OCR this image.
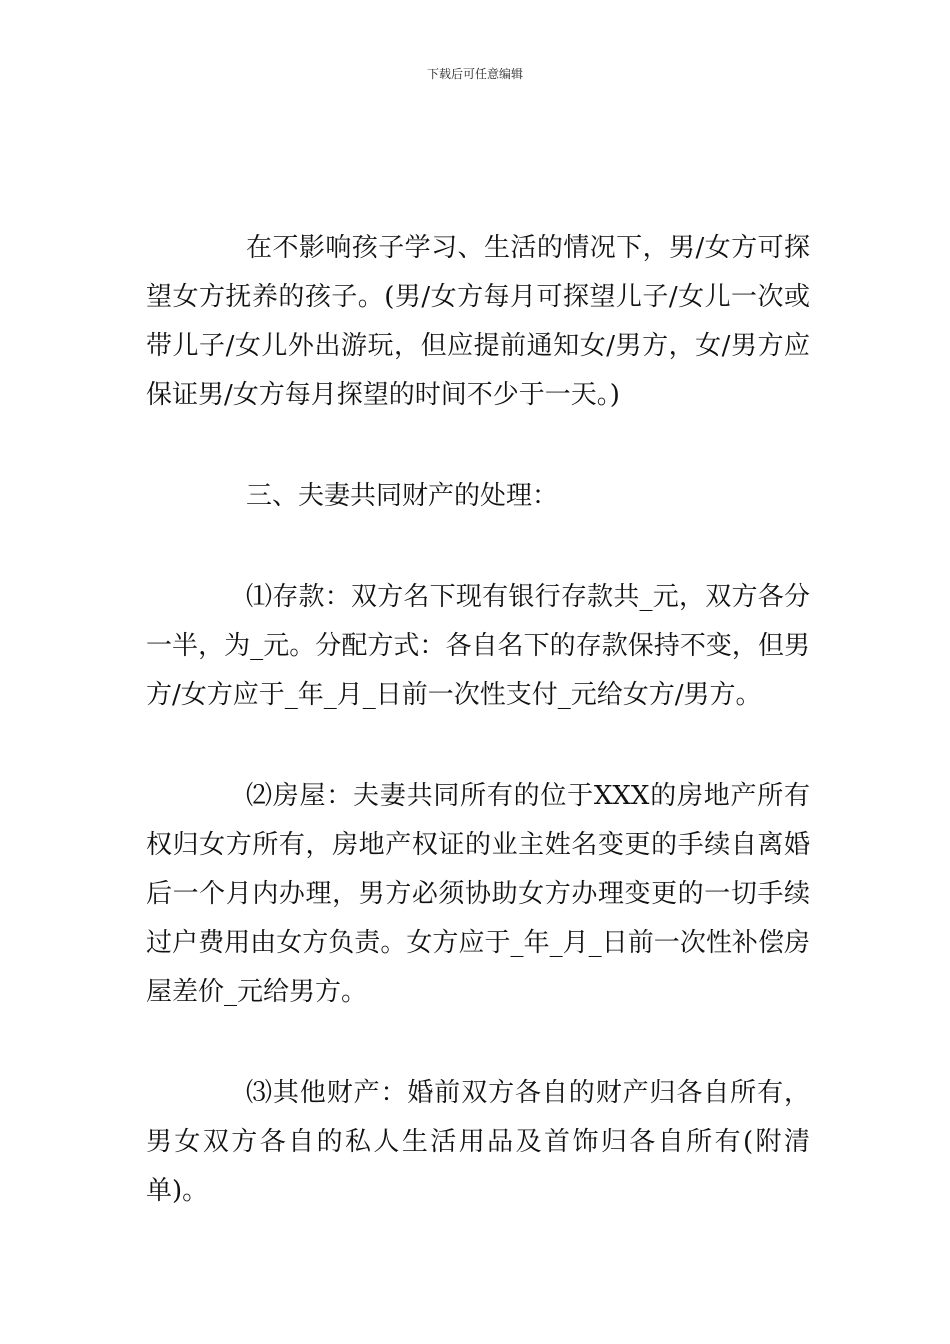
下载后可任意编辑

在不影响孩子学习、生活的情况下，男/女方可探望女方抚养的孩子。(男/女方每月可探望儿子/女儿一次或带儿子/女儿外出游玩，但应提前通知女/男方，女/男方应保证男/女方每月探望的时间不少于一天。)

三、夫妻共同财产的处理：

⑴存款：双方名下现有银行存款共_元，双方各分一半，为_元。分配方式：各自名下的存款保持不变，但男方/女方应于_年_月_日前一次性支付_元给女方/男方。

⑵房屋：夫妻共同所有的位于XXX的房地产所有权归女方所有，房地产权证的业主姓名变更的手续自离婚后一个月内办理，男方必须协助女方办理变更的一切手续过户费用由女方负责。女方应于_年_月_日前一次性补偿房屋差价_元给男方。

⑶其他财产：婚前双方各自的财产归各自所有，男女双方各自的私人生活用品及首饰归各自所有(附清单)。
